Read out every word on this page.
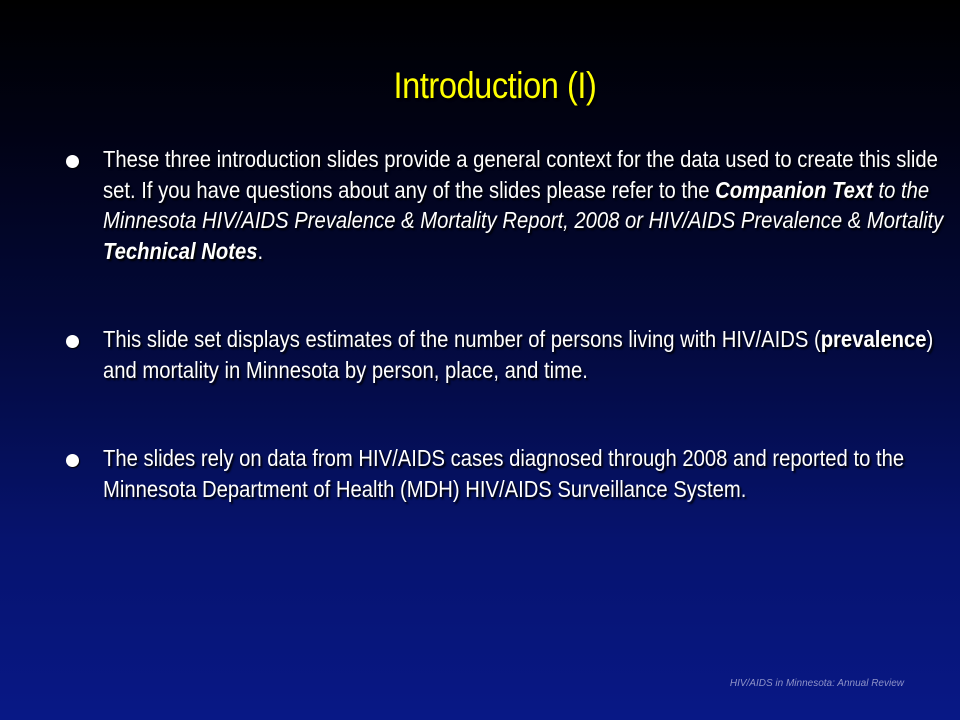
Introduction (I)
These three introduction slides provide a general context for the data used to create this slide set. If you have questions about any of the slides please refer to the Companion Text to the Minnesota HIV/AIDS Prevalence & Mortality Report, 2008 or HIV/AIDS Prevalence & Mortality Technical Notes.
This slide set displays estimates of the number of persons living with HIV/AIDS (prevalence) and mortality in Minnesota by person, place, and time.
The slides rely on data from HIV/AIDS cases diagnosed through 2008 and reported to the Minnesota Department of Health (MDH) HIV/AIDS Surveillance System.
HIV/AIDS in Minnesota: Annual Review
